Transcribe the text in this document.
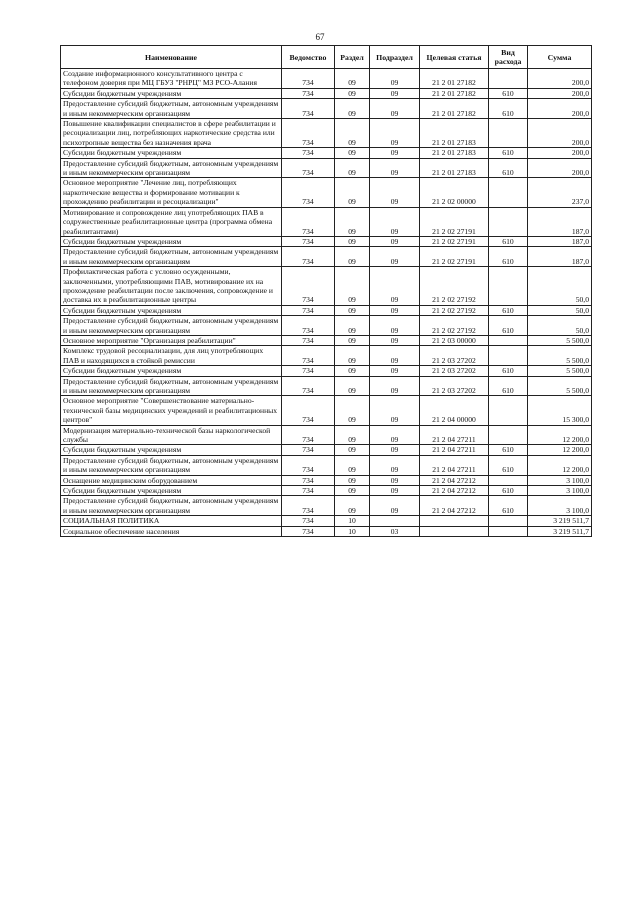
67
Наименование	Ведомство	Раздел	Подраздел	Целевая статья	Вид расхода	Сумма
Создание информационного консультативного центра с телефоном доверия при МЦ ГБУЗ "РНРЦ" МЗ РСО-Алания	734	09	09	21 2 01 27182		200,0
Субсидии бюджетным учреждениям	734	09	09	21 2 01 27182	610	200,0
Предоставление субсидий бюджетным, автономным учреждениям и иным некоммерческим организациям	734	09	09	21 2 01 27182	610	200,0
Повышение квалификации специалистов в сфере реабилитации и ресоциализации лиц, потребляющих наркотические средства или психотропные вещества без назначения врача	734	09	09	21 2 01 27183		200,0
Субсидии бюджетным учреждениям	734	09	09	21 2 01 27183	610	200,0
Предоставление субсидий бюджетным, автономным учреждениям и иным некоммерческим организациям	734	09	09	21 2 01 27183	610	200,0
Основное мероприятие "Лечение лиц, потребляющих наркотические вещества и формирование мотивации к прохождению реабилитации и ресоциализации"	734	09	09	21 2 02 00000		237,0
Мотивирование и сопровождение лиц употребляющих ПАВ в содружественные реабилитационные центра (программа обмена реабилитантами)	734	09	09	21 2 02 27191		187,0
Субсидии бюджетным учреждениям	734	09	09	21 2 02 27191	610	187,0
Предоставление субсидий бюджетным, автономным учреждениям и иным некоммерческим организациям	734	09	09	21 2 02 27191	610	187,0
Профилактическая работа с условно осужденными, заключенными, употребляющими ПАВ, мотивирование их на прохождение реабилитации после заключения, сопровождение и доставка их в реабилитационные центры	734	09	09	21 2 02 27192		50,0
Субсидии бюджетным учреждениям	734	09	09	21 2 02 27192	610	50,0
Предоставление субсидий бюджетным, автономным учреждениям и иным некоммерческим организациям	734	09	09	21 2 02 27192	610	50,0
Основное мероприятие "Организация реабилитации"	734	09	09	21 2 03 00000		5 500,0
Комплекс трудовой ресоциализации, для лиц употребляющих ПАВ и находящихся в стойкой ремиссии	734	09	09	21 2 03 27202		5 500,0
Субсидии бюджетным учреждениям	734	09	09	21 2 03 27202	610	5 500,0
Предоставление субсидий бюджетным, автономным учреждениям и иным некоммерческим организациям	734	09	09	21 2 03 27202	610	5 500,0
Основное мероприятие "Совершенствование материально-технической базы медицинских учреждений и реабилитационных центров"	734	09	09	21 2 04 00000		15 300,0
Модернизация материально-технической базы наркологической службы	734	09	09	21 2 04 27211		12 200,0
Субсидии бюджетным учреждениям	734	09	09	21 2 04 27211	610	12 200,0
Предоставление субсидий бюджетным, автономным учреждениям и иным некоммерческим организациям	734	09	09	21 2 04 27211	610	12 200,0
Оснащение медицинским оборудованием	734	09	09	21 2 04 27212		3 100,0
Субсидии бюджетным учреждениям	734	09	09	21 2 04 27212	610	3 100,0
Предоставление субсидий бюджетным, автономным учреждениям и иным некоммерческим организациям	734	09	09	21 2 04 27212	610	3 100,0
СОЦИАЛЬНАЯ ПОЛИТИКА	734	10				3 219 511,7
Социальное обеспечение населения	734	10	03			3 219 511,7
